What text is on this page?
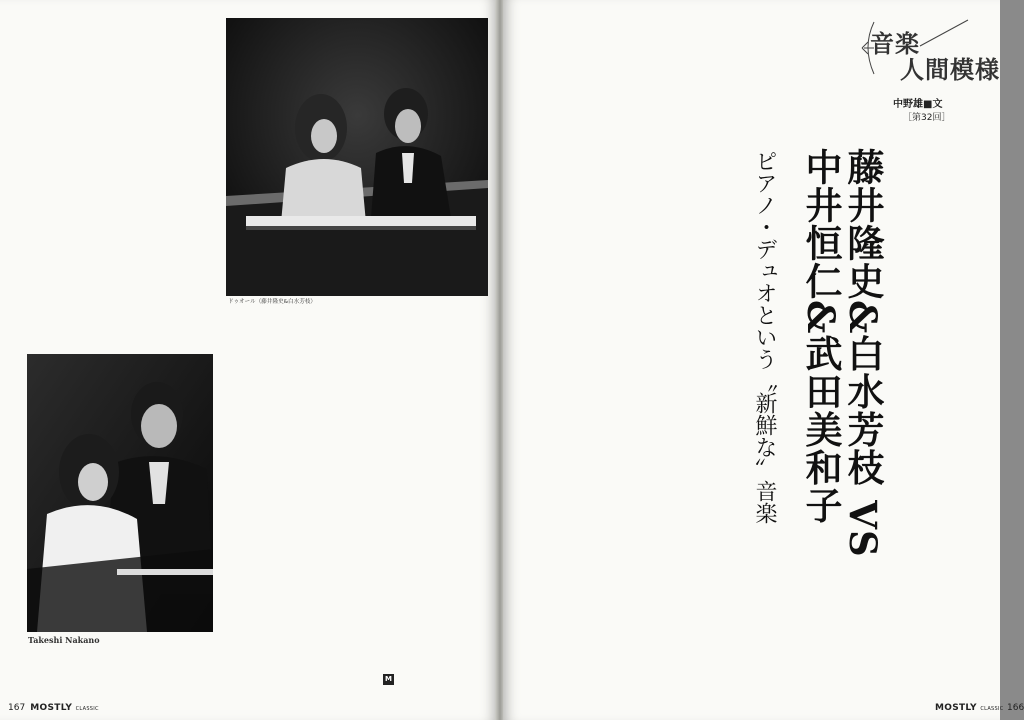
ドゥオール（藤井隆史&白水芳枝）
Takeshi Nakano
167 MOSTLY CLASSIC
M
藤井隆史&白水芳枝 VS
中井恒仁&武田美和子
ピアノ・デュオという〝新鮮な〟音楽
MOSTLY CLASSIC 166
音楽
人間模様
中野雄■文
［第32回］
